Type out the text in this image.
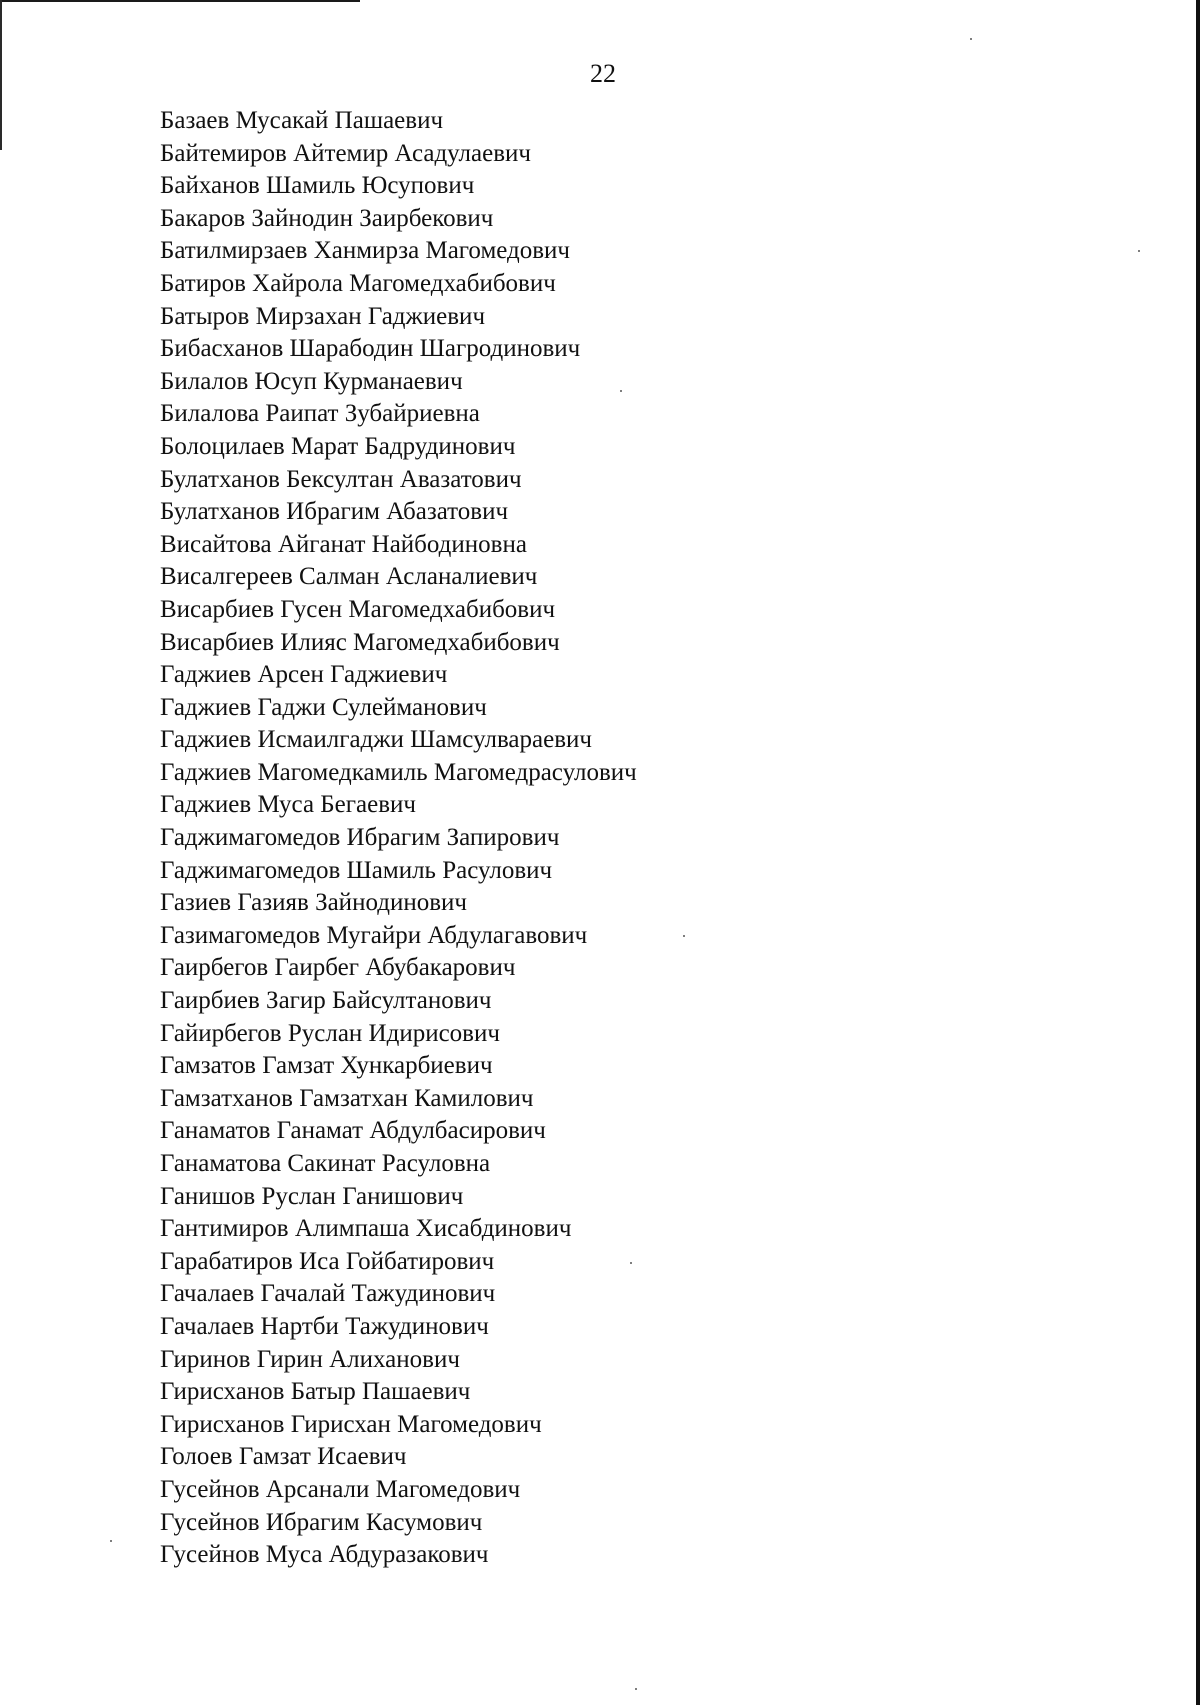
22
Базаев Мусакай Пашаевич
Байтемиров Айтемир Асадулаевич
Байханов Шамиль Юсупович
Бакаров Зайнодин Заирбекович
Батилмирзаев Ханмирза Магомедович
Батиров Хайрола Магомедхабибович
Батыров Мирзахан Гаджиевич
Бибасханов Шарабодин Шагродинович
Билалов Юсуп Курманаевич
Билалова Раипат Зубайриевна
Болоцилаев Марат Бадрудинович
Булатханов Бексултан Авазатович
Булатханов Ибрагим Абазатович
Висайтова Айганат Найбодиновна
Висалгереев Салман Асланалиевич
Висарбиев Гусен Магомедхабибович
Висарбиев Илияс Магомедхабибович
Гаджиев Арсен Гаджиевич
Гаджиев Гаджи Сулейманович
Гаджиев Исмаилгаджи Шамсулвараевич
Гаджиев Магомедкамиль Магомедрасулович
Гаджиев Муса Бегаевич
Гаджимагомедов Ибрагим Запирович
Гаджимагомедов Шамиль Расулович
Газиев Газияв Зайнодинович
Газимагомедов Мугайри Абдулагавович
Гаирбегов Гаирбег Абубакарович
Гаирбиев Загир Байсултанович
Гайирбегов Руслан Идирисович
Гамзатов Гамзат Хункарбиевич
Гамзатханов Гамзатхан Камилович
Ганаматов Ганамат Абдулбасирович
Ганаматова Сакинат Расуловна
Ганишов Руслан Ганишович
Гантимиров Алимпаша Хисабдинович
Гарабатиров Иса Гойбатирович
Гачалаев Гачалай Тажудинович
Гачалаев Нартби Тажудинович
Гиринов Гирин Алиханович
Гирисханов Батыр Пашаевич
Гирисханов Гирисхан Магомедович
Голоев Гамзат Исаевич
Гусейнов Арсанали Магомедович
Гусейнов Ибрагим Касумович
Гусейнов Муса Абдуразакович
